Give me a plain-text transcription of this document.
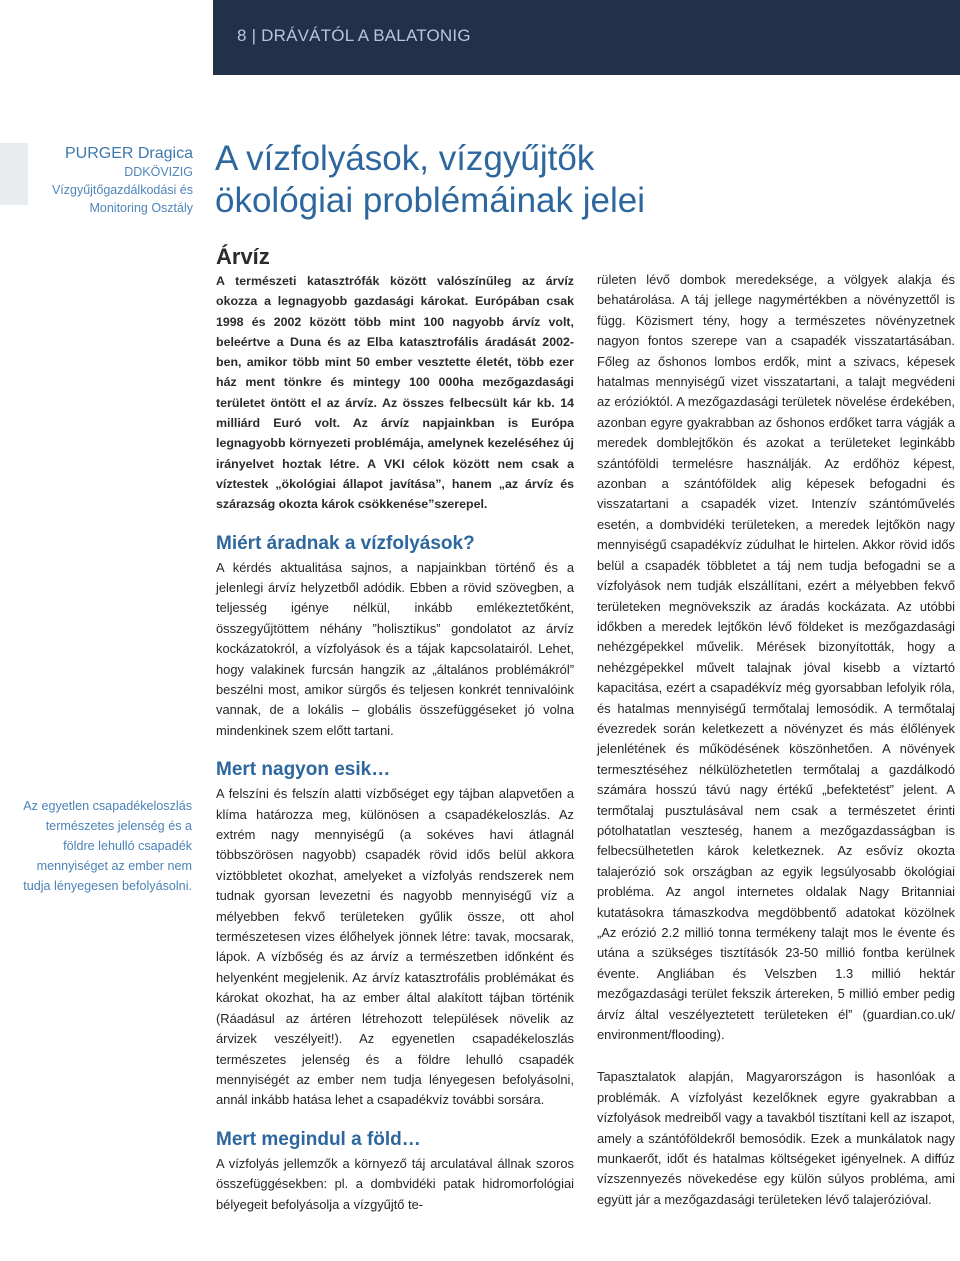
8 | DRÁVÁTÓL A BALATONIG
PURGER Dragica
DDKÖVIZIG
Vízgyűjtőgazdálkodási és
Monitoring Osztály
A vízfolyások, vízgyűjtők
ökológiai problémáinak jelei
Az egyetlen csapadékeloszlás természetes jelenség és a földre lehulló csapadék mennyiséget az ember nem tudja lényegesen befolyásolni.
Árvíz

A természeti katasztrófák között valószínűleg az árvíz okozza a legnagyobb gazdasági károkat. Európában csak 1998 és 2002 között több mint 100 nagyobb árvíz volt, beleértve a Duna és az Elba katasztrofális áradását 2002-ben, amikor több mint 50 ember vesztette életét, több ezer ház ment tönkre és mintegy 100 000ha mezőgazdasági területet öntött el az árvíz. Az összes felbecsült kár kb. 14 milliárd Euró volt. Az árvíz napjainkban is Európa legnagyobb környezeti problémája, amelynek kezeléséhez új irányelvet hoztak létre. A VKI célok között nem csak a víztestek „ökológiai állapot javítása”, hanem „az árvíz és szárazság okozta károk csökkenése”szerepel.

Miért áradnak a vízfolyások?

A kérdés aktualitása sajnos, a napjainkban történő és a jelenlegi árvíz helyzetből adódik. Ebben a rövid szövegben, a teljesség igénye nélkül, inkább emlékeztetőként, összegyűjtöttem néhány ”holisztikus” gondolatot az árvíz kockázatokról, a vízfolyások és a tájak kapcsolatairól. Lehet, hogy valakinek furcsán hangzik az „általános problémákról” beszélni most, amikor sürgős és teljesen konkrét tennivalóink vannak, de a lokális – globális összefüggéseket jó volna mindenkinek szem előtt tartani.

Mert nagyon esik…

A felszíni és felszín alatti vízbőséget egy tájban alapvetően a klíma határozza meg, különösen a csapadékeloszlás. Az extrém nagy mennyiségű (a sokéves havi átlagnál többszörösen nagyobb) csapadék rövid idős belül akkora víztöbbletet okozhat, amelyeket a vízfolyás rendszerek nem tudnak gyorsan levezetni és nagyobb mennyiségű víz a mélyebben fekvő területeken gyűlik össze, ott ahol természetesen vizes élőhelyek jönnek létre: tavak, mocsarak, lápok. A vízbőség és az árvíz a természetben időnként és helyenként megjelenik. Az árvíz katasztrofális problémákat és károkat okozhat, ha az ember által alakított tájban történik (Ráadásul az ártéren létrehozott települések növelik az árvizek veszélyeit!). Az egyenetlen csapadékeloszlás természetes jelenség és a földre lehulló csapadék mennyiségét az ember nem tudja lényegesen befolyásolni, annál inkább hatása lehet a csapadékvíz további sorsára.

Mert megindul a föld…

A vízfolyás jellemzők a környező táj arculatával állnak szoros összefüggésekben: pl. a dombvidéki patak hidromorfológiai bélyegeit befolyásolja a vízgyűjtő te-

rületen lévő dombok meredeksége, a völgyek alakja és behatárolása. A táj jellege nagymértékben a növényzettől is függ. Közismert tény, hogy a természetes növényzetnek nagyon fontos szerepe van a csapadék visszatartásában. Főleg az őshonos lombos erdők, mint a szivacs, képesek hatalmas mennyiségű vizet visszatartani, a talajt megvédeni az erózióktól. A mezőgazdasági területek növelése érdekében, azonban egyre gyakrabban az őshonos erdőket tarra vágják a meredek domblejtőkön és azokat a területeket leginkább szántóföldi termelésre használják. Az erdőhöz képest, azonban a szántóföldek alig képesek befogadni és visszatartani a csapadék vizet. Intenzív szántóművelés esetén, a dombvidéki területeken, a meredek lejtőkön nagy mennyiségű csapadékvíz zúdulhat le hirtelen. Akkor rövid idős belül a csapadék többletet a táj nem tudja befogadni se a vízfolyások nem tudják elszállítani, ezért a mélyebben fekvő területeken megnövekszik az áradás kockázata. Az utóbbi időkben a meredek lejtőkön lévő földeket is mezőgazdasági nehézgépekkel művelik. Mérések bizonyították, hogy a nehézgépekkel művelt talajnak jóval kisebb a víztartó kapacitása, ezért a csapadékvíz még gyorsabban lefolyik róla, és hatalmas mennyiségű termőtalaj lemosódik. A termőtalaj évezredek során keletkezett a növényzet és más élőlények jelenlétének és működésének köszönhetően. A növények termesztéséhez nélkülözhetetlen termőtalaj a gazdálkodó számára hosszú távú nagy értékű „befektetést” jelent. A termőtalaj pusztulásával nem csak a természetet érinti pótolhatatlan veszteség, hanem a mezőgazdasságban is felbecsülhetetlen károk keletkeznek. Az esővíz okozta talajerózió sok országban az egyik legsúlyosabb ökológiai probléma. Az angol internetes oldalak Nagy Britanniai kutatásokra támaszkodva megdöbbentő adatokat közölnek „Az erózió 2.2 millió tonna termékeny talajt mos le évente és utána a szükséges tisztításók 23-50 millió fontba kerülnek évente. Angliában és Velszben 1.3 millió hektár mezőgazdasági terület fekszik ártereken, 5 millió ember pedig árvíz által veszélyeztetett területeken él” (guardian.co.uk/ environment/flooding).

Tapasztalatok alapján, Magyarországon is hasonlóak a problémák. A vízfolyást kezelőknek egyre gyakrabban a vízfolyások medreiből vagy a tavakból tisztítani kell az iszapot, amely a szántóföldekről bemosódik. Ezek a munkálatok nagy munkaerőt, időt és hatalmas költségeket igényelnek. A diffúz vízszennyezés növekedése egy külön súlyos probléma, ami együtt jár a mezőgazdasági területeken lévő talajerózióval.
